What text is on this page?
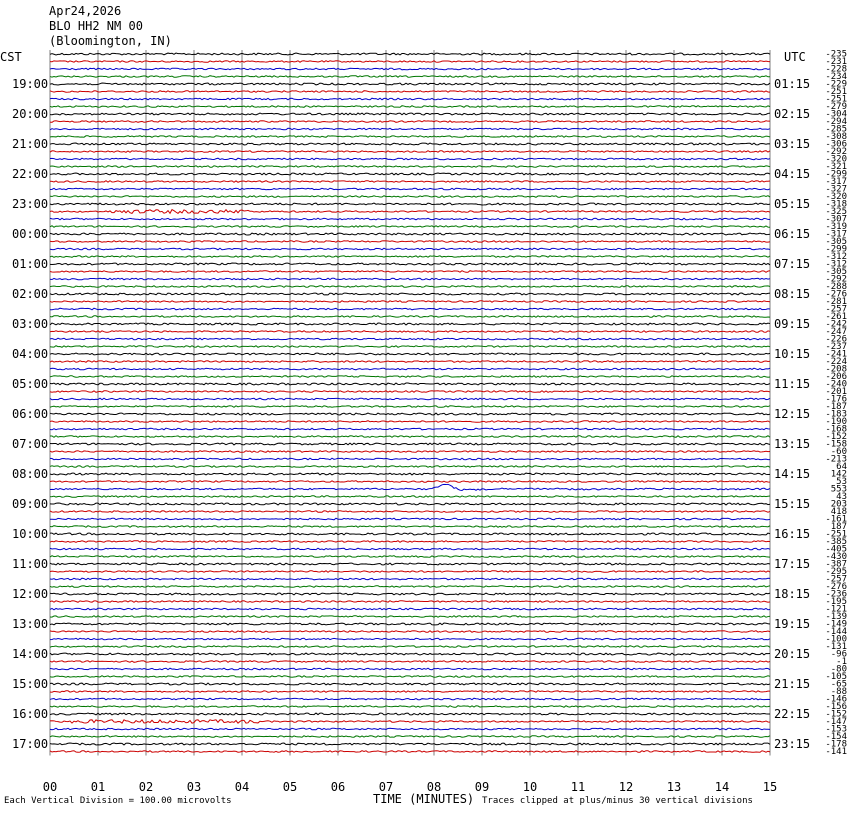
Apr24,2026
BLO HH2 NM 00
(Bloomington, IN)
CST	UTC
19:00
20:00
21:00
22:00
23:00
00:00
01:00
02:00
03:00
04:00
05:00
06:00
07:00
08:00
09:00
10:00
11:00
12:00
13:00
14:00
15:00
16:00
17:00
01:15
02:15
03:15
04:15
05:15
06:15
07:15
08:15
09:15
10:15
11:15
12:15
13:15
14:15
15:15
16:15
17:15
18:15
19:15
20:15
21:15
22:15
23:15
-235
-231
-228
-234
-229
-251
-251
-279
-304
-294
-285
-308
-306
-292
-320
-321
-299
-317
-327
-320
-318
-325
-307
-319
-317
-305
-299
-312
-312
-305
-292
-288
-276
-281
-257
-261
-242
-247
-226
-237
-241
-224
-208
-206
-240
-201
-176
-187
-183
-190
-168
-152
-158
-60
-213
64
142
53
553
43
203
418
-161
187
-251
-385
-405
-430
-387
-295
-257
-276
-236
-195
-121
-139
-149
-144
-100
-131
-96
-1
-80
-105
-65
-88
-146
-156
-152
-147
-153
-154
-178
-141
00	01	02	03	04	05	06	07	08	09	10	11	12	13	14	15
Each Vertical Division = 100.00 microvolts	TIME (MINUTES) Traces clipped at plus/minus 30 vertical divisions
